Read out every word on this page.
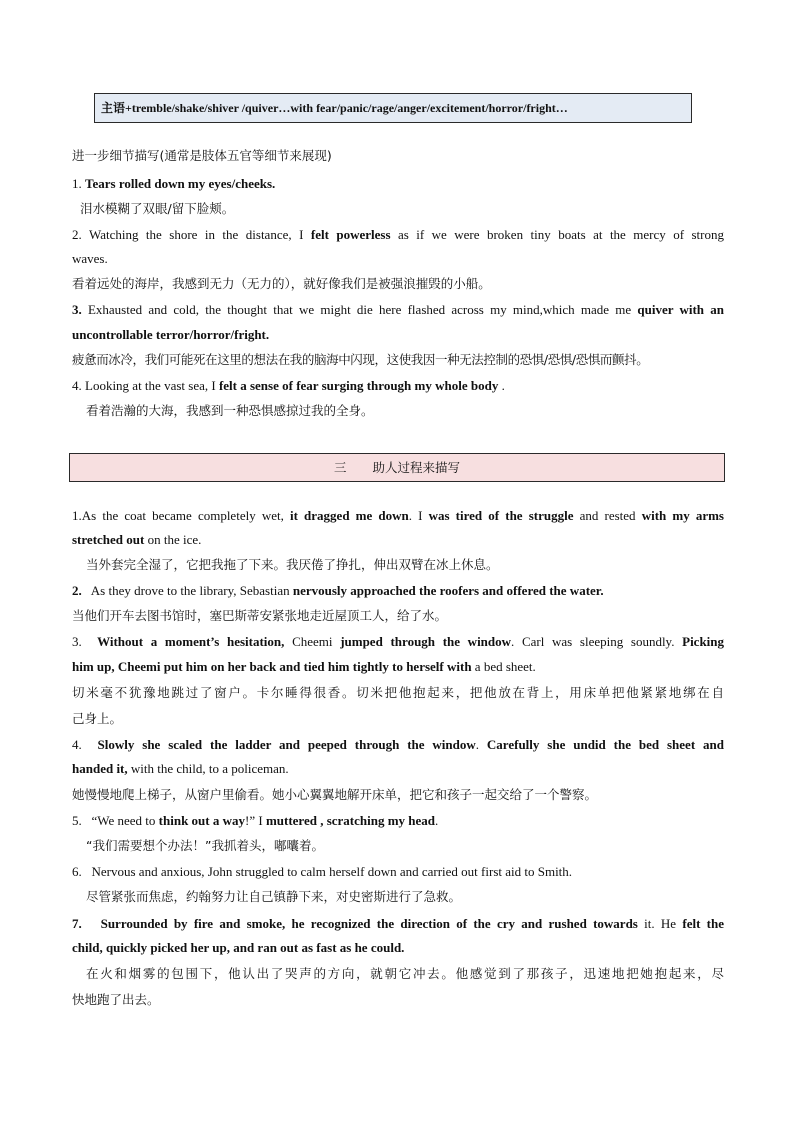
主语+tremble/shake/shiver /quiver…with fear/panic/rage/anger/excitement/horror/fright…
进一步细节描写(通常是肢体五官等细节来展现)
1. Tears rolled down my eyes/cheeks.
泪水模糊了双眼/留下脸颊。
2. Watching the shore in the distance, I felt powerless as if we were broken tiny boats at the mercy of strong
waves.
看着远处的海岸，我感到无力（无力的），就好像我们是被强浪摧毁的小船。
3. Exhausted and cold, the thought that we might die here flashed across my mind,which made me quiver with an
uncontrollable terror/horror/fright.
疲惫而冰冷，我们可能死在这里的想法在我的脑海中闪现，这使我因一种无法控制的恐惧/恐惧/恐惧而颤抖。
4. Looking at the vast sea, I felt a sense of fear surging through my whole body .
看着浩瀚的大海，我感到一种恐惧感掠过我的全身。
三 助人过程来描写
1.As the coat became completely wet, it dragged me down. I was tired of the struggle and rested with my arms
stretched out on the ice.
当外套完全湿了，它把我拖了下来。我厌倦了挣扎，伸出双臂在冰上休息。
2.   As they drove to the library, Sebastian nervously approached the roofers and offered the water.
当他们开车去图书馆时，塞巴斯蒂安紧张地走近屋顶工人，给了水。
3.  Without a moment’s hesitation, Cheemi jumped through the window. Carl was sleeping soundly. Picking
him up, Cheemi put him on her back and tied him tightly to herself with a bed sheet.
切米毫不犹豫地跳过了窗户。卡尔睡得很香。切米把他抱起来，把他放在背上，用床单把他紧紧地绑在自
己身上。
4.  Slowly she scaled the ladder and peeped through the window. Carefully she undid the bed sheet and
handed it, with the child, to a policeman.
她慢慢地爬上梯子，从窗户里偷看。她小心翼翼地解开床单，把它和孩子一起交给了一个警察。
5.   “We need to think out a way!” I muttered , scratching my head.
“我们需要想个办法！”我抓着头，嘟囔着。
6.   Nervous and anxious, John struggled to calm herself down and carried out first aid to Smith.
尽管紧张而焦虑，约翰努力让自己镇静下来，对史密斯进行了急救。
7.   Surrounded by fire and smoke, he recognized the direction of the cry and rushed towards it. He felt the
child, quickly picked her up, and ran out as fast as he could.
在火和烟雾的包围下，他认出了哭声的方向，就朝它冲去。他感觉到了那孩子，迅速地把她抱起来，尽
快地跑了出去。
